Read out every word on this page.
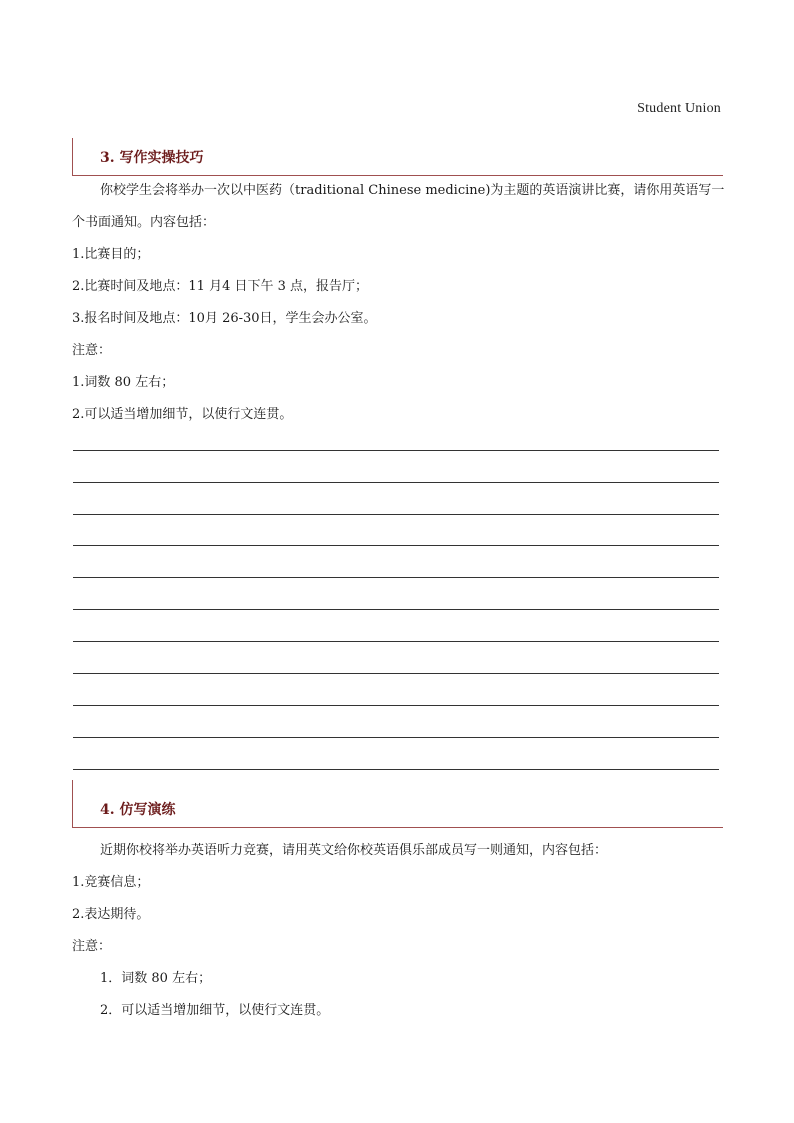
Student Union
3. 写作实操技巧
你校学生会将举办一次以中医药（traditional Chinese medicine)为主题的英语演讲比赛，请你用英语写一
个书面通知。内容包括：
1.比赛目的；
2.比赛时间及地点：11 月4 日下午 3 点，报告厅；
3.报名时间及地点：10月 26-30日，学生会办公室。
注意：
1.词数 80 左右；
2.可以适当增加细节，以使行文连贯。
4. 仿写演练
近期你校将举办英语听力竞赛，请用英文给你校英语俱乐部成员写一则通知，内容包括：
1.竞赛信息；
2.表达期待。
注意：
1．词数 80 左右；
2．可以适当增加细节，以使行文连贯。
